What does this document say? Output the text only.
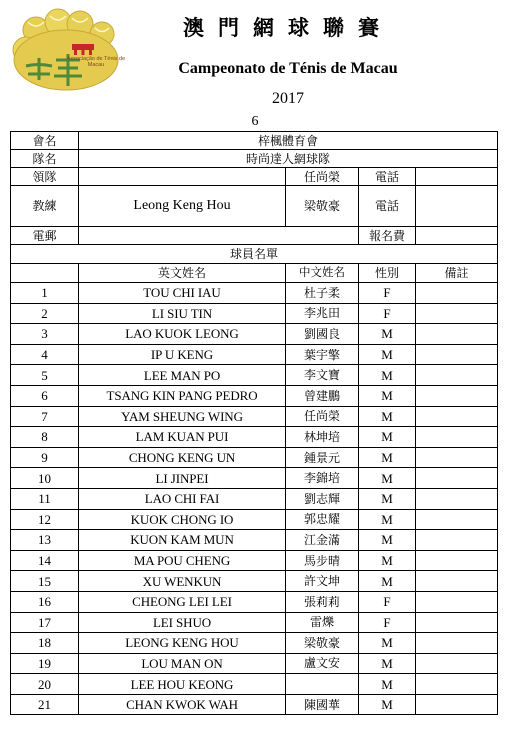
Associação de Ténis de Macau
澳門網球聯賽
Campeonato de Ténis de Macau
2017
6
會名	梓楓體育會			
隊名	時尚達人網球隊			
領隊		任尚榮	電話	
教練	Leong Keng Hou	梁敬豪	電話	
電郵			報名費	
球員名單				
	英文姓名	中文姓名	性別	備註
1	TOU CHI IAU	杜子柔	F	
2	LI SIU TIN	李兆田	F	
3	LAO KUOK LEONG	劉國良	M	
4	IP U KENG	葉宇擎	M	
5	LEE MAN PO	李文寶	M	
6	TSANG KIN PANG PEDRO	曾建鵬	M	
7	YAM SHEUNG WING	任尚榮	M	
8	LAM KUAN PUI	林坤培	M	
9	CHONG KENG UN	鍾景元	M	
10	LI JINPEI	李錦培	M	
11	LAO CHI FAI	劉志輝	M	
12	KUOK CHONG IO	郭忠耀	M	
13	KUON KAM MUN	江金滿	M	
14	MA POU CHENG	馬步晴	M	
15	XU WENKUN	許文坤	M	
16	CHEONG LEI LEI	張莉莉	F	
17	LEI SHUO	雷爍	F	
18	LEONG KENG HOU	梁敬豪	M	
19	LOU MAN ON	盧文安	M	
20	LEE HOU KEONG		M	
21	CHAN KWOK WAH	陳國華	M	
